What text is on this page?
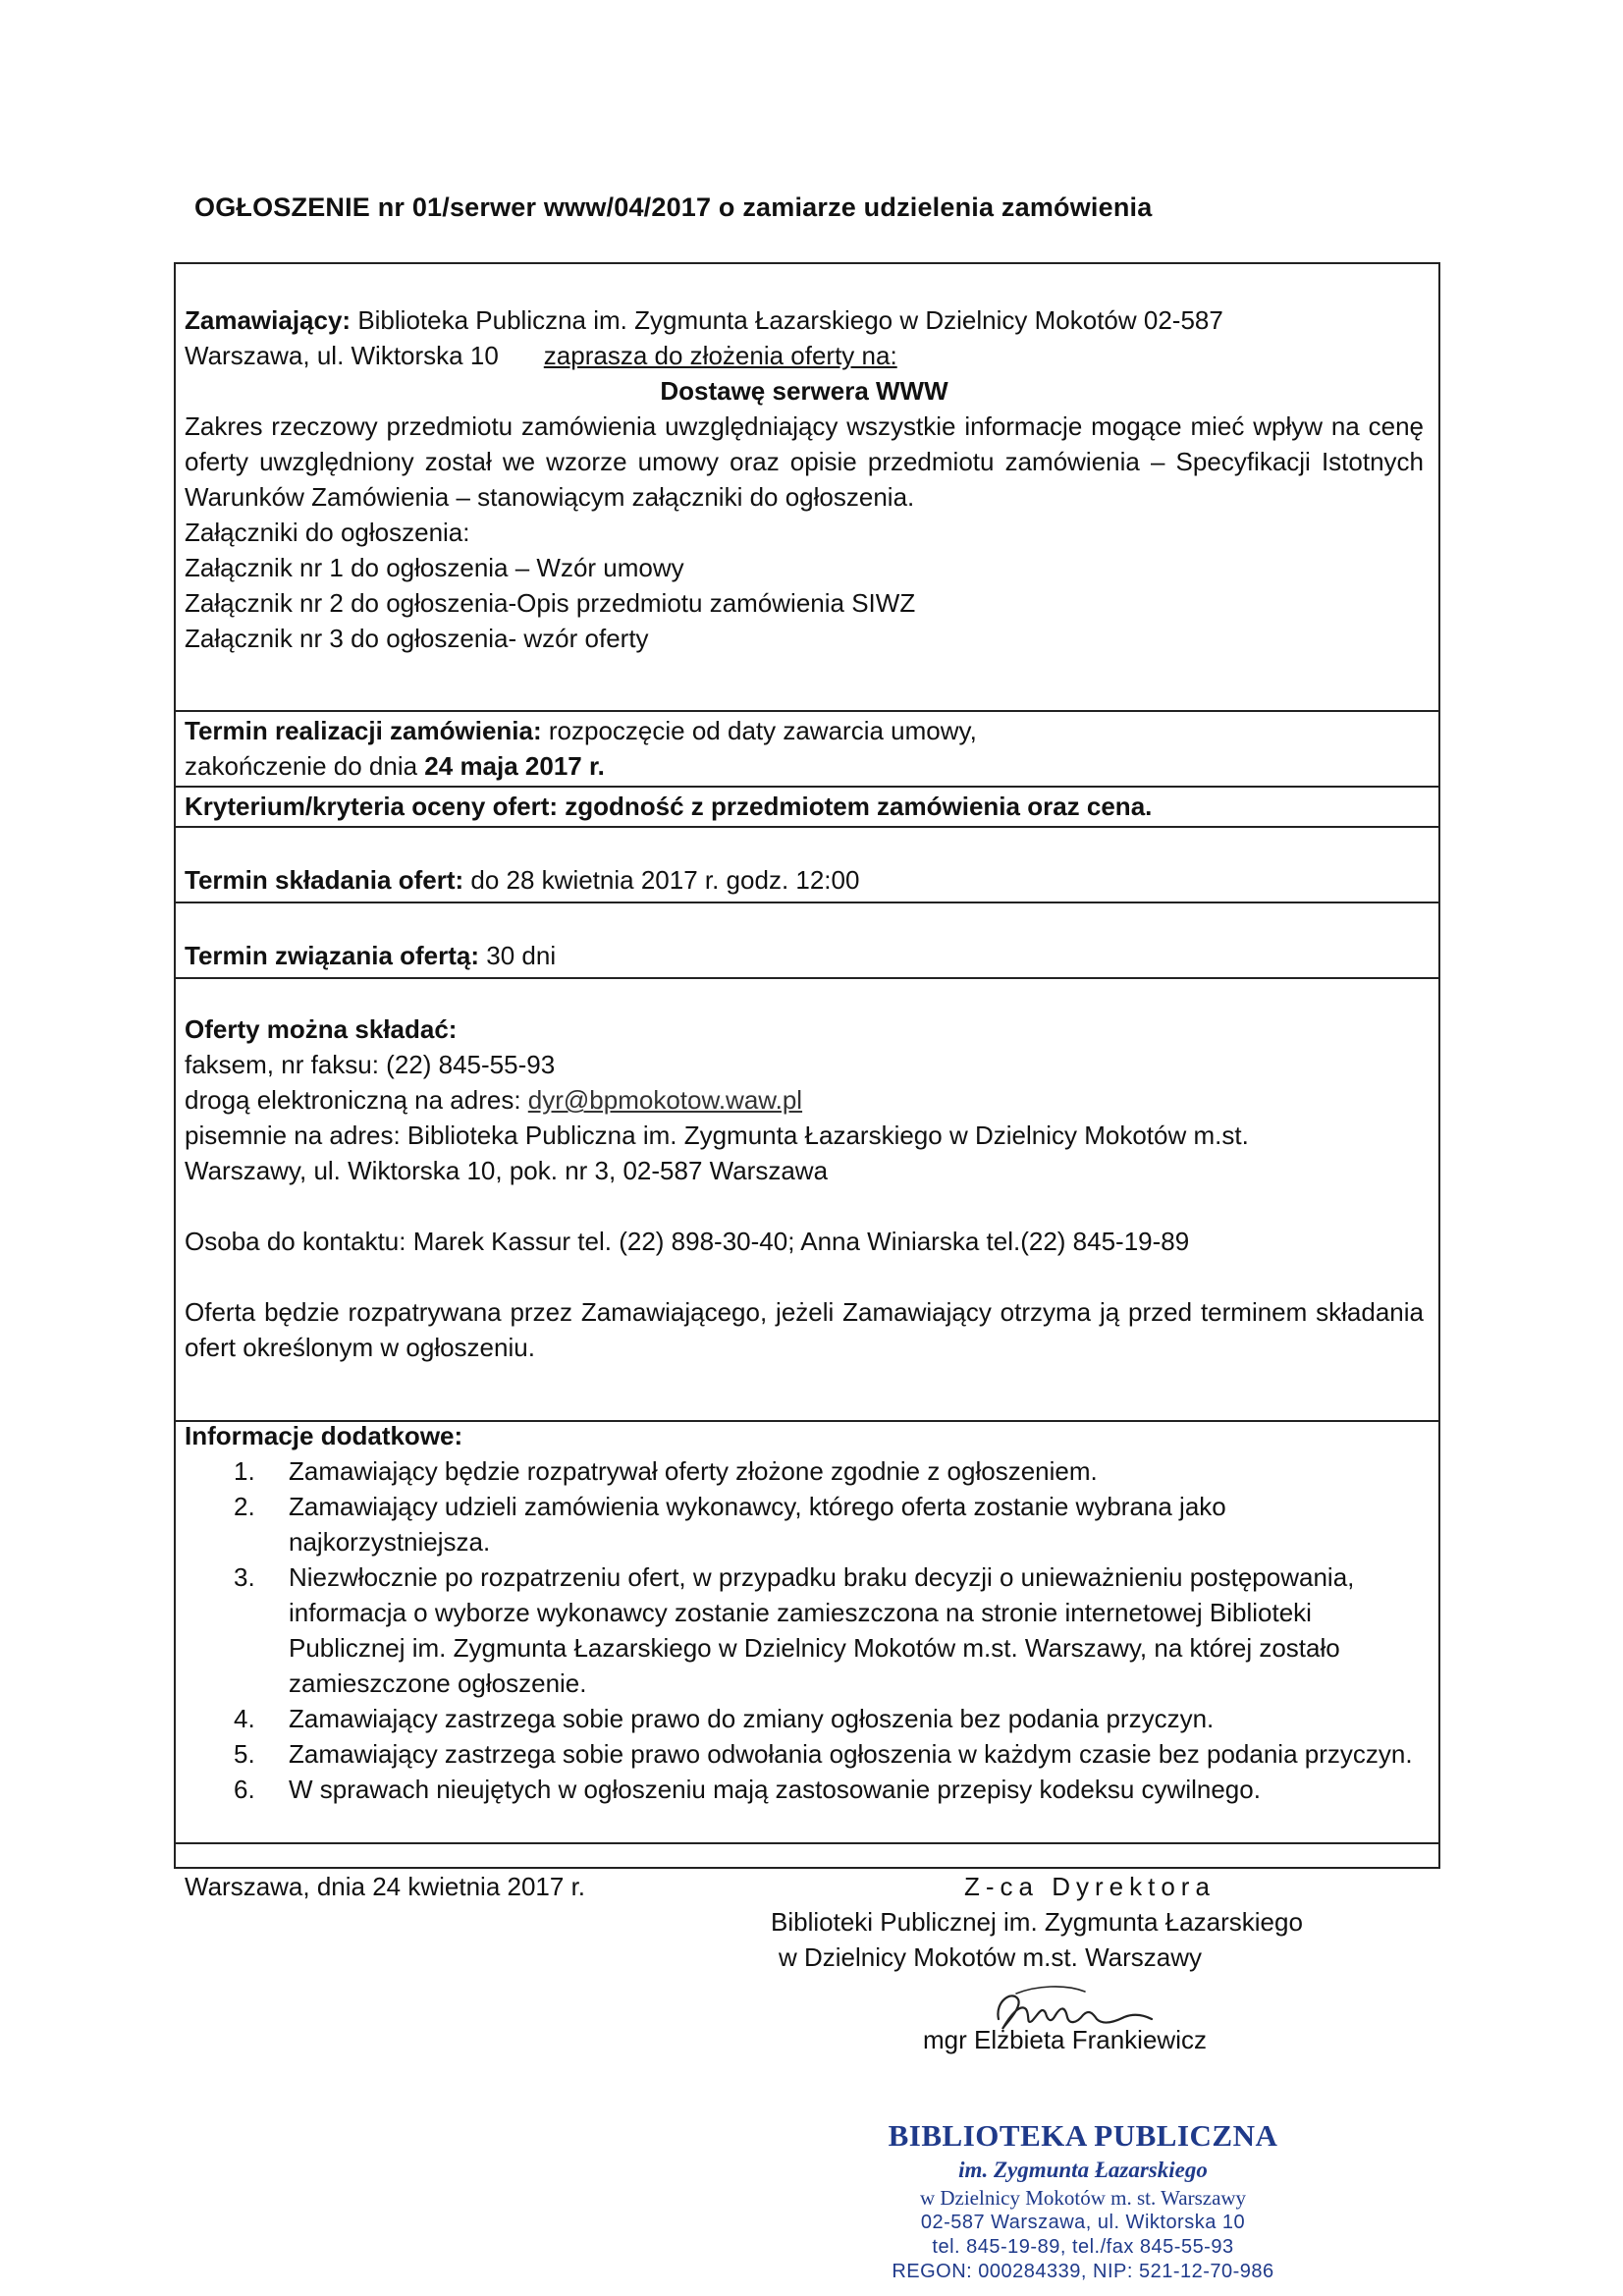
OGŁOSZENIE nr 01/serwer www/04/2017 o zamiarze udzielenia zamówienia

Zamawiający: Biblioteka Publiczna im. Zygmunta Łazarskiego w Dzielnicy Mokotów 02-587

Warszawa, ul. Wiktorska 10 zaprasza do złożenia oferty na:

Dostawę serwera WWW

Zakres rzeczowy przedmiotu zamówienia uwzględniający wszystkie informacje mogące mieć wpływ na cenę oferty uwzględniony został we wzorze umowy oraz opisie przedmiotu zamówienia – Specyfikacji Istotnych Warunków Zamówienia – stanowiącym załączniki do ogłoszenia.

Załączniki do ogłoszenia:

Załącznik nr 1 do ogłoszenia – Wzór umowy

Załącznik nr 2 do ogłoszenia-Opis przedmiotu zamówienia SIWZ

Załącznik nr 3 do ogłoszenia- wzór oferty

Termin realizacji zamówienia: rozpoczęcie od daty zawarcia umowy,

zakończenie do dnia 24 maja 2017 r.

Kryterium/kryteria oceny ofert: zgodność z przedmiotem zamówienia oraz cena.
Termin składania ofert: do 28 kwietnia 2017 r. godz. 12:00
Termin związania ofertą: 30 dni

Oferty można składać:

faksem, nr faksu: (22) 845-55-93

drogą elektroniczną na adres: dyr@bpmokotow.waw.pl

pisemnie na adres: Biblioteka Publiczna im. Zygmunta Łazarskiego w Dzielnicy Mokotów m.st.

Warszawy, ul. Wiktorska 10, pok. nr 3, 02-587 Warszawa

Osoba do kontaktu: Marek Kassur tel. (22) 898-30-40; Anna Winiarska tel.(22) 845-19-89

Oferta będzie rozpatrywana przez Zamawiającego, jeżeli Zamawiający otrzyma ją przed terminem składania ofert określonym w ogłoszeniu.

Informacje dodatkowe:

1.	Zamawiający będzie rozpatrywał oferty złożone zgodnie z ogłoszeniem.
2.	Zamawiający udzieli zamówienia wykonawcy, którego oferta zostanie wybrana jako najkorzystniejsza.
3.	Niezwłocznie po rozpatrzeniu ofert, w przypadku braku decyzji o unieważnieniu postępowania, informacja o wyborze wykonawcy zostanie zamieszczona na stronie internetowej Biblioteki Publicznej im. Zygmunta Łazarskiego w Dzielnicy Mokotów m.st. Warszawy, na której zostało zamieszczone ogłoszenie.
4.	Zamawiający zastrzega sobie prawo do zmiany ogłoszenia bez podania przyczyn.
5.	Zamawiający zastrzega sobie prawo odwołania ogłoszenia w każdym czasie bez podania przyczyn.
6.	W sprawach nieujętych w ogłoszeniu mają zastosowanie przepisy kodeksu cywilnego.
Warszawa, dnia 24 kwietnia 2017 r.	Z-ca Dyrektora
Biblioteki Publicznej im. Zygmunta Łazarskiego
w Dzielnicy Mokotów m.st. Warszawy
mgr Elżbieta Frankiewicz
BIBLIOTEKA PUBLICZNA
im. Zygmunta Łazarskiego
w Dzielnicy Mokotów m. st. Warszawy
02-587 Warszawa, ul. Wiktorska 10
tel. 845-19-89, tel./fax 845-55-93
REGON: 000284339, NIP: 521-12-70-986
